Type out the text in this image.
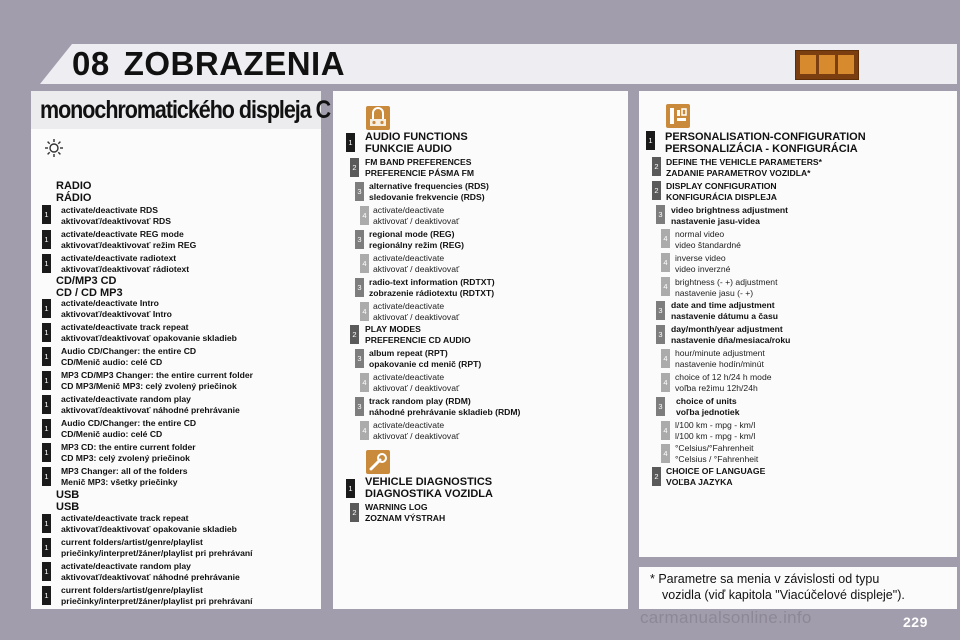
08 ZOBRAZENIA
monochromatického displeja C
RADIO
RÁDIO
1 activate/deactivate RDS
aktivovať/deaktivovať RDS
1
activate/deactivate REG mode
aktivovať/deaktivovať režim REG
1
activate/deactivate radiotext
aktivovať/deaktivovať rádiotext
CD/MP3 CD
CD / CD MP3
1
activate/deactivate Intro
aktivovať/deaktivovať Intro
1
activate/deactivate track repeat
aktivovať/deaktivovať opakovanie skladieb
1
Audio CD/Changer: the entire CD
CD/Menič audio: celé CD
1
MP3 CD/MP3 Changer: the entire current folder
CD MP3/Menič MP3: celý zvolený priečinok
1
activate/deactivate random play
aktivovať/deaktivovať náhodné prehrávanie
1
Audio CD/Changer: the entire CD
CD/Menič audio: celé CD
1
MP3 CD: the entire current folder
CD MP3: celý zvolený priečinok
1
MP3 Changer: all of the folders
Menič MP3: všetky priečinky
USB
USB
1
activate/deactivate track repeat
aktivovať/deaktivovať opakovanie skladieb
1
current folders/artist/genre/playlist
priečinky/interpret/žáner/playlist pri prehrávaní
1
activate/deactivate random play
aktivovať/deaktivovať náhodné prehrávanie
1
current folders/artist/genre/playlist
priečinky/interpret/žáner/playlist pri prehrávaní
1 AUDIO FUNCTIONS
FUNKCIE AUDIO
2
FM BAND PREFERENCES
PREFERENCIE PÁSMA FM
3
alternative frequencies (RDS)
sledovanie frekvencie (RDS)
4
activate/deactivate
aktivovať / deaktivovať
3
regional mode (REG)
regionálny režim (REG)
4
activate/deactivate
aktivovať / deaktivovať
3
radio-text information (RDTXT)
zobrazenie rádiotextu (RDTXT)
4
activate/deactivate
aktivovať / deaktivovať
2
PLAY MODES
PREFERENCIE CD AUDIO
3
album repeat (RPT)
opakovanie cd menič (RPT)
4
activate/deactivate
aktivovať / deaktivovať
3
track random play (RDM)
náhodné prehrávanie skladieb (RDM)
4
activate/deactivate
aktivovať / deaktivovať
1
VEHICLE DIAGNOSTICS
DIAGNOSTIKA VOZIDLA
2
WARNING LOG
ZOZNAM VÝSTRAH
1 PERSONALISATION-CONFIGURATION
PERSONALIZÁCIA - KONFIGURÁCIA
2 DEFINE THE VEHICLE PARAMETERS*
ZADANIE PARAMETROV VOZIDLA*
2 DISPLAY CONFIGURATION
KONFIGURÁCIA DISPLEJA
3 video brightness adjustment
nastavenie jasu-videa
4 normal video
video štandardné
4 inverse video
video inverzné
4 brightness (- +) adjustment
nastavenie jasu (- +)
3
date and time adjustment
nastavenie dátumu a času
3
day/month/year adjustment
nastavenie dňa/mesiaca/roku
4
hour/minute adjustment
nastavenie hodín/minút
4
choice of 12 h/24 h mode
voľba režimu 12h/24h
3
choice of units
voľba jednotiek
4
l/100 km - mpg - km/l
l/100 km - mpg - km/l
4
°Celsius/°Fahrenheit
°Celsius / °Fahrenheit
2
CHOICE OF LANGUAGE
VOĽBA JAZYKA
* Parametre sa menia v závislosti od typu
vozidla (viď kapitola "Viacúčelové displeje").
carmanualsonline.info	229
